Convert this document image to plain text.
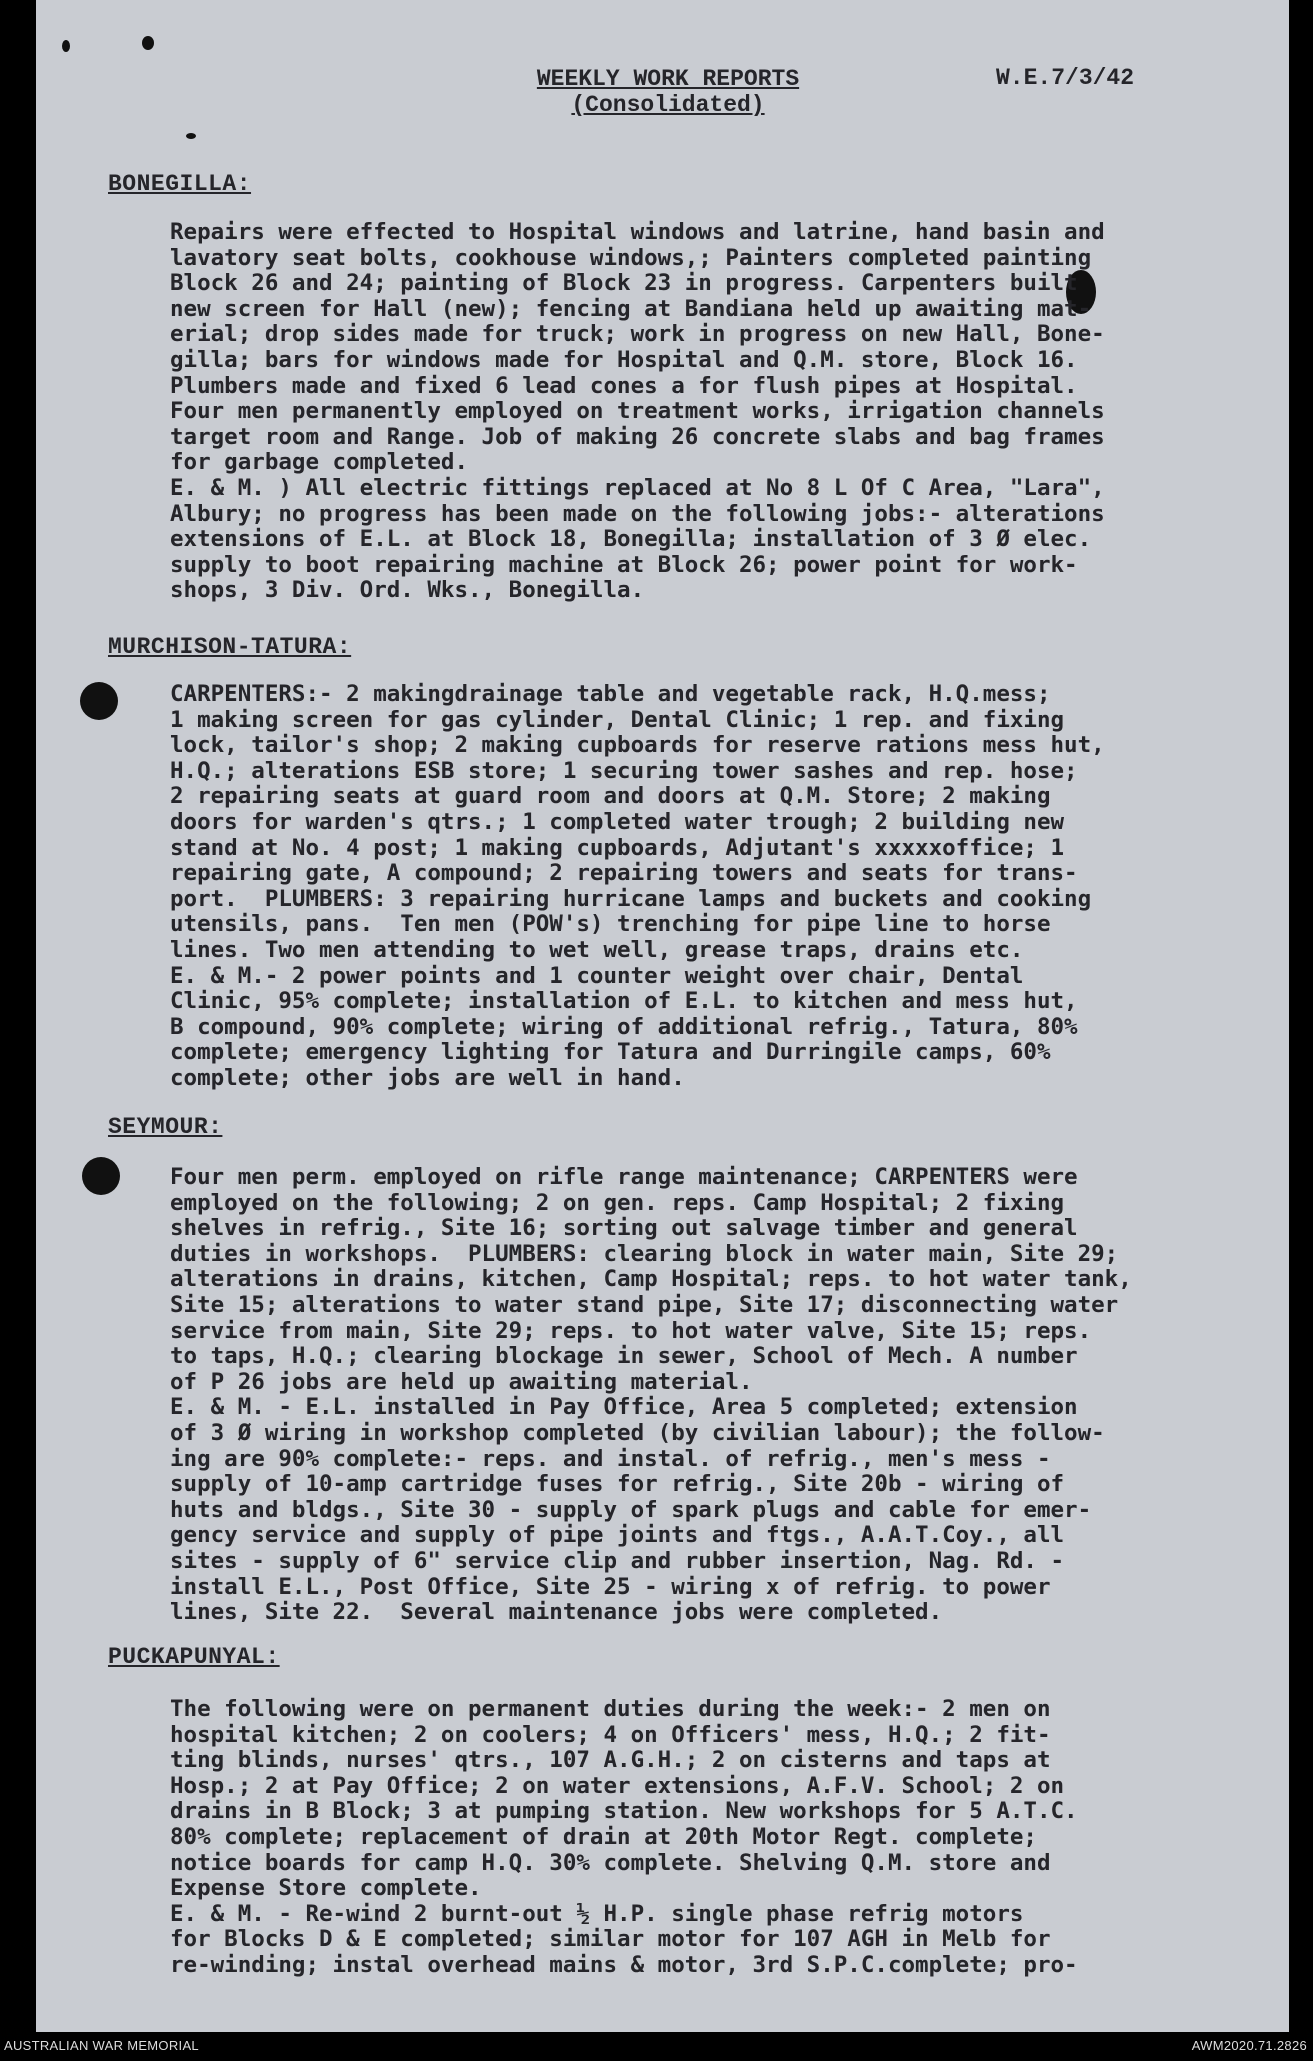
WEEKLY WORK REPORTS
(Consolidated)
W.E.7/3/42
BONEGILLA:
Repairs were effected to Hospital windows and latrine, hand basin and
lavatory seat bolts, cookhouse windows,; Painters completed painting
Block 26 and 24; painting of Block 23 in progress. Carpenters built
new screen for Hall (new); fencing at Bandiana held up awaiting mat-
erial; drop sides made for truck; work in progress on new Hall, Bone-
gilla; bars for windows made for Hospital and Q.M. store, Block 16.
Plumbers made and fixed 6 lead cones a for flush pipes at Hospital.
Four men permanently employed on treatment works, irrigation channels
target room and Range. Job of making 26 concrete slabs and bag frames
for garbage completed.
E. & M. ) All electric fittings replaced at No 8 L Of C Area, "Lara",
Albury; no progress has been made on the following jobs:- alterations
extensions of E.L. at Block 18, Bonegilla; installation of 3 Ø elec.
supply to boot repairing machine at Block 26; power point for work-
shops, 3 Div. Ord. Wks., Bonegilla.
MURCHISON-TATURA:
CARPENTERS:- 2 makingdrainage table and vegetable rack, H.Q.mess;
1 making screen for gas cylinder, Dental Clinic; 1 rep. and fixing
lock, tailor's shop; 2 making cupboards for reserve rations mess hut,
H.Q.; alterations ESB store; 1 securing tower sashes and rep. hose;
2 repairing seats at guard room and doors at Q.M. Store; 2 making
doors for warden's qtrs.; 1 completed water trough; 2 building new
stand at No. 4 post; 1 making cupboards, Adjutant's xxxxxoffice; 1
repairing gate, A compound; 2 repairing towers and seats for trans-
port.  PLUMBERS: 3 repairing hurricane lamps and buckets and cooking
utensils, pans.  Ten men (POW's) trenching for pipe line to horse
lines. Two men attending to wet well, grease traps, drains etc.
E. & M.- 2 power points and 1 counter weight over chair, Dental
Clinic, 95% complete; installation of E.L. to kitchen and mess hut,
B compound, 90% complete; wiring of additional refrig., Tatura, 80%
complete; emergency lighting for Tatura and Durringile camps, 60%
complete; other jobs are well in hand.
SEYMOUR:
Four men perm. employed on rifle range maintenance; CARPENTERS were
employed on the following; 2 on gen. reps. Camp Hospital; 2 fixing
shelves in refrig., Site 16; sorting out salvage timber and general
duties in workshops.  PLUMBERS: clearing block in water main, Site 29;
alterations in drains, kitchen, Camp Hospital; reps. to hot water tank,
Site 15; alterations to water stand pipe, Site 17; disconnecting water
service from main, Site 29; reps. to hot water valve, Site 15; reps.
to taps, H.Q.; clearing blockage in sewer, School of Mech. A number
of P 26 jobs are held up awaiting material.
E. & M. - E.L. installed in Pay Office, Area 5 completed; extension
of 3 Ø wiring in workshop completed (by civilian labour); the follow-
ing are 90% complete:- reps. and instal. of refrig., men's mess -
supply of 10-amp cartridge fuses for refrig., Site 20b - wiring of
huts and bldgs., Site 30 - supply of spark plugs and cable for emer-
gency service and supply of pipe joints and ftgs., A.A.T.Coy., all
sites - supply of 6" service clip and rubber insertion, Nag. Rd. -
install E.L., Post Office, Site 25 - wiring x of refrig. to power
lines, Site 22.  Several maintenance jobs were completed.
PUCKAPUNYAL:
The following were on permanent duties during the week:- 2 men on
hospital kitchen; 2 on coolers; 4 on Officers' mess, H.Q.; 2 fit-
ting blinds, nurses' qtrs., 107 A.G.H.; 2 on cisterns and taps at
Hosp.; 2 at Pay Office; 2 on water extensions, A.F.V. School; 2 on
drains in B Block; 3 at pumping station. New workshops for 5 A.T.C.
80% complete; replacement of drain at 20th Motor Regt. complete;
notice boards for camp H.Q. 30% complete. Shelving Q.M. store and
Expense Store complete.
E. & M. - Re-wind 2 burnt-out ½ H.P. single phase refrig motors
for Blocks D & E completed; similar motor for 107 AGH in Melb for
re-winding; instal overhead mains & motor, 3rd S.P.C.complete; pro-
AUSTRALIAN WAR MEMORIAL	AWM2020.71.2826
